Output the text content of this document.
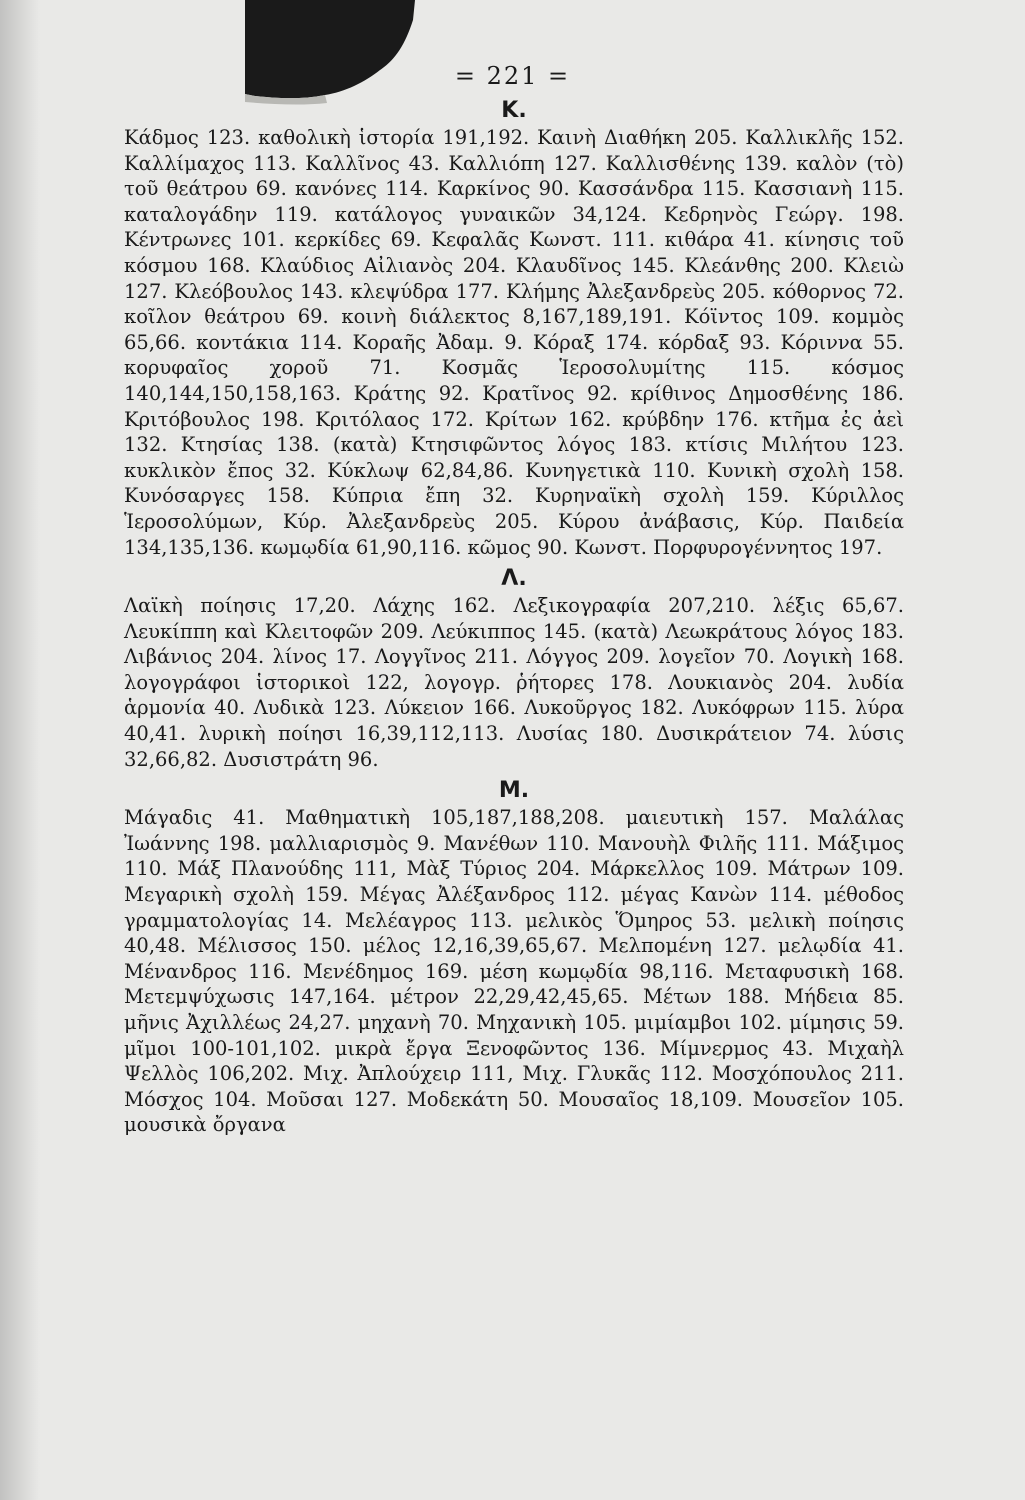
= 221 =
K.

Κάδμος 123. καθολικὴ ἱστορία 191,192. Καινὴ Διαθήκη 205. Καλλικλῆς 152. Καλλίμαχος 113. Καλλῖνος 43. Καλλιόπη 127. Καλλισθένης 139. καλὸν (τὸ) τοῦ θεάτρου 69. κανόνες 114. Καρκίνος 90. Κασσάνδρα 115. Κασσιανὴ 115. καταλογάδην 119. κατάλογος γυναικῶν 34,124. Κεδρηνὸς Γεώργ. 198. Κέντρωνες 101. κερκίδες 69. Κεφαλᾶς Κωνστ. 111. κιθάρα 41. κίνησις τοῦ κόσμου 168. Κλαύδιος Αἰλιανὸς 204. Κλαυδῖνος 145. Κλεάνθης 200. Κλειὼ 127. Κλεόβουλος 143. κλεψύδρα 177. Κλήμης Ἀλεξανδρεὺς 205. κόθορνος 72. κοῖλον θεάτρου 69. κοινὴ διάλεκτος 8,167,189,191. Κόϊντος 109. κομμὸς 65,66. κοντάκια 114. Κοραῆς Ἀδαμ. 9. Κόραξ 174. κόρδαξ 93. Κόριννα 55. κορυφαῖος χοροῦ 71. Κοσμᾶς Ἱεροσολυμίτης 115. κόσμος 140,144,150,158,163. Κράτης 92. Κρατῖνος 92. κρίθινος Δημοσθένης 186. Κριτόβουλος 198. Κριτόλαος 172. Κρίτων 162. κρύβδην 176. κτῆμα ἐς ἀεὶ 132. Κτησίας 138. (κατὰ) Κτησιφῶντος λόγος 183. κτίσις Μιλήτου 123. κυκλικὸν ἔπος 32. Κύκλωψ 62,84,86. Κυνηγετικὰ 110. Κυνικὴ σχολὴ 158. Κυνόσαργες 158. Κύπρια ἔπη 32. Κυρηναϊκὴ σχολὴ 159. Κύριλλος Ἱεροσολύμων, Κύρ. Ἀλεξανδρεὺς 205. Κύρου ἀνάβασις, Κύρ. Παιδεία 134,135,136. κωμῳδία 61,90,116. κῶμος 90. Κωνστ. Πορφυρογέννητος 197.

Λ.

Λαϊκὴ ποίησις 17,20. Λάχης 162. Λεξικογραφία 207,210. λέξις 65,67. Λευκίππη καὶ Κλειτοφῶν 209. Λεύκιππος 145. (κατὰ) Λεωκράτους λόγος 183. Λιβάνιος 204. λίνος 17. Λογγῖνος 211. Λόγγος 209. λογεῖον 70. Λογικὴ 168. λογογράφοι ἱστορικοὶ 122, λογογρ. ῥήτορες 178. Λουκιανὸς 204. λυδία ἁρμονία 40. Λυδικὰ 123. Λύκειον 166. Λυκοῦργος 182. Λυκόφρων 115. λύρα 40,41. λυρικὴ ποίησι 16,39,112,113. Λυσίας 180. Δυσικράτειον 74. λύσις 32,66,82. Δυσιστράτη 96.

M.

Μάγαδις 41. Μαθηματικὴ 105,187,188,208. μαιευτικὴ 157. Μαλάλας Ἰωάννης 198. μαλλιαρισμὸς 9. Μανέθων 110. Μανουὴλ Φιλῆς 111. Μάξιμος 110. Μάξ Πλανούδης 111, Μὰξ Τύριος 204. Μάρκελλος 109. Μάτρων 109. Μεγαρικὴ σχολὴ 159. Μέγας Ἀλέξανδρος 112. μέγας Κανὼν 114. μέθοδος γραμματολογίας 14. Μελέαγρος 113. μελικὸς Ὅμηρος 53. μελικὴ ποίησις 40,48. Μέλισσος 150. μέλος 12,16,39,65,67. Μελπομένη 127. μελῳδία 41. Μένανδρος 116. Μενέδημος 169. μέση κωμῳδία 98,116. Μεταφυσικὴ 168. Μετεμψύχωσις 147,164. μέτρον 22,29,42,45,65. Μέτων 188. Μήδεια 85. μῆνις Ἀχιλλέως 24,27. μηχανὴ 70. Μηχανικὴ 105. μιμίαμβοι 102. μίμησις 59. μῖμοι 100-101,102. μικρὰ ἔργα Ξενοφῶντος 136. Μίμνερμος 43. Μιχαὴλ Ψελλὸς 106,202. Μιχ. Ἀπλούχειρ 111, Μιχ. Γλυκᾶς 112. Μοσχόπουλος 211. Μόσχος 104. Μοῦσαι 127. Μοδεκάτη 50. Μουσαῖος 18,109. Μουσεῖον 105. μουσικὰ ὄργανα
